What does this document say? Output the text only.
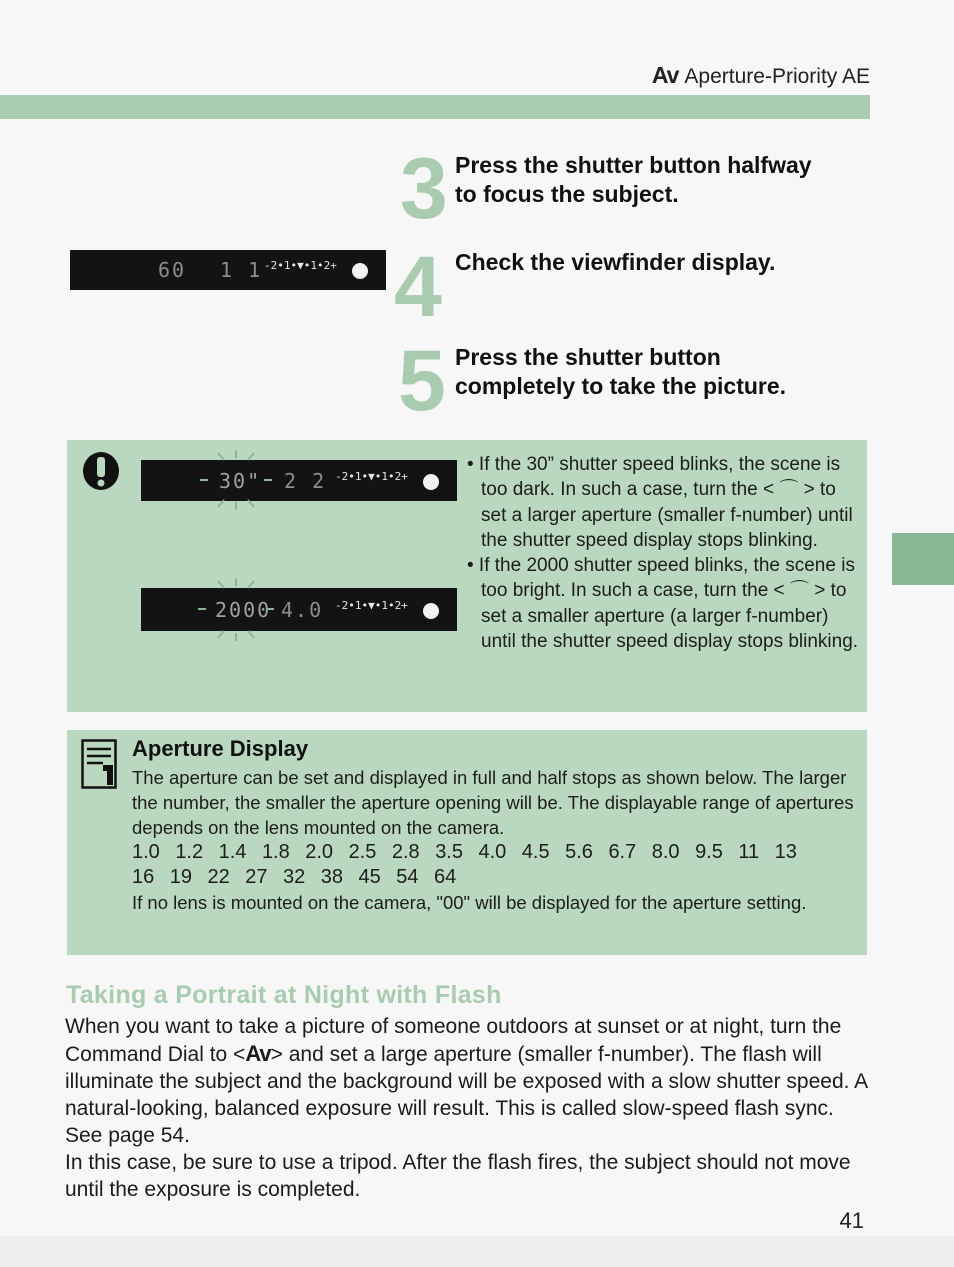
Av Aperture-Priority AE
3 Press the shutter button halfway
to focus the subject.
60 1 1 -2•1•▼•1•2+ 4 Check the viewfinder display.
5 Press the shutter button
completely to take the picture.
30" 2 2 -2•1•▼•1•2+
2000 4.0 -2•1•▼•1•2+

• If the 30” shutter speed blinks, the scene is too dark. In such a case, turn the < ⌒ > to set a larger aperture (smaller f-number) until the shutter speed display stops blinking.

• If the 2000 shutter speed blinks, the scene is too bright. In such a case, turn the < ⌒ > to set a smaller aperture (a larger f-number) until the shutter speed display stops blinking.

Aperture Display
The aperture can be set and displayed in full and half stops as shown below. The larger the number, the smaller the aperture opening will be. The displayable range of apertures depends on the lens mounted on the camera.
1.0 1.2 1.4 1.8 2.0 2.5 2.8 3.5 4.0 4.5 5.6 6.7 8.0 9.5 11 13
16 19 22 27 32 38 45 54 64
If no lens is mounted on the camera, "00" will be displayed for the aperture setting.
Taking a Portrait at Night with Flash

When you want to take a picture of someone outdoors at sunset or at night, turn the Command Dial to <Av> and set a large aperture (smaller f-number). The flash will illuminate the subject and the background will be exposed with a slow shutter speed. A natural-looking, balanced exposure will result. This is called slow-speed flash sync. See page 54.

In this case, be sure to use a tripod. After the flash fires, the subject should not move until the exposure is completed.

41
